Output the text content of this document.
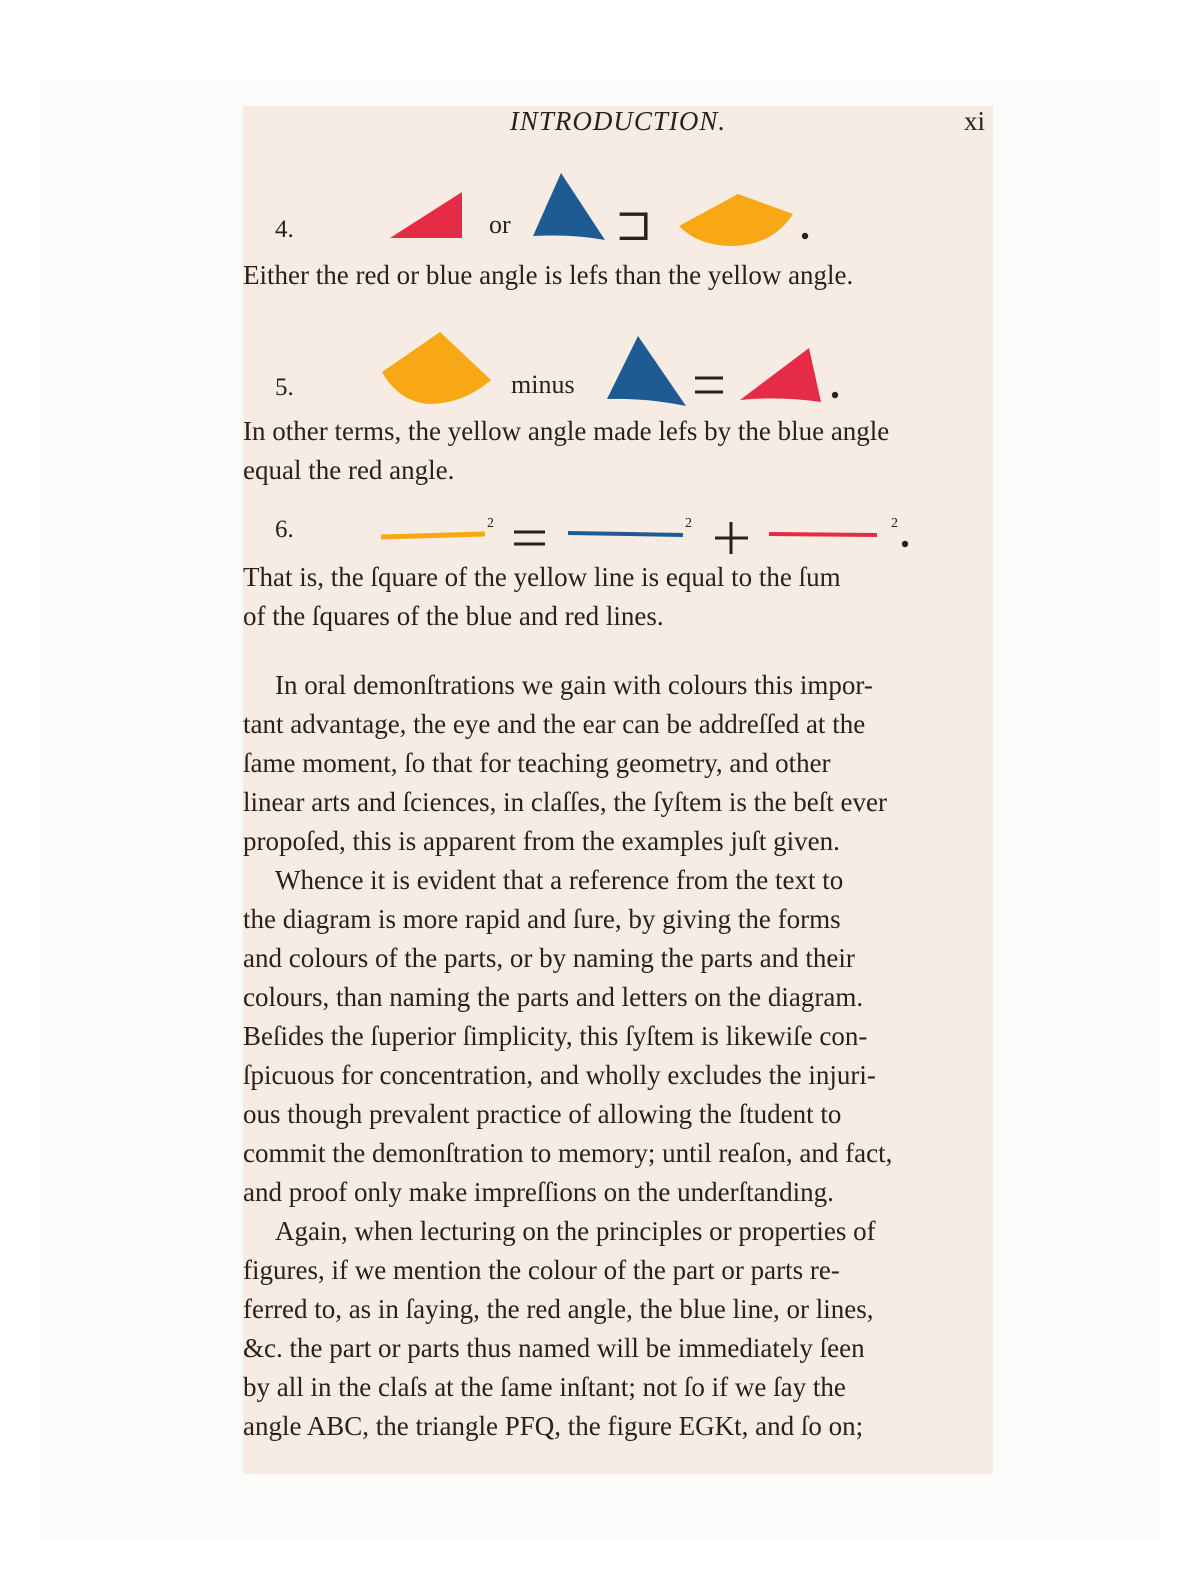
INTRODUCTION.	xi
4.	or ⊐

Either the red or blue angle is lefs than the yellow angle.

5.	minus

In other terms, the yellow angle made lefs by the blue angle

equal the red angle.

6.	2	2	2

That is, the ſquare of the yellow line is equal to the ſum

of the ſquares of the blue and red lines.

In oral demonſtrations we gain with colours this impor-

tant advantage, the eye and the ear can be addreſſed at the

ſame moment, ſo that for teaching geometry, and other

linear arts and ſciences, in claſſes, the ſyſtem is the beſt ever

propoſed, this is apparent from the examples juſt given.

Whence it is evident that a reference from the text to

the diagram is more rapid and ſure, by giving the forms

and colours of the parts, or by naming the parts and their

colours, than naming the parts and letters on the diagram.

Beſides the ſuperior ſimplicity, this ſyſtem is likewiſe con-

ſpicuous for concentration, and wholly excludes the injuri-

ous though prevalent practice of allowing the ſtudent to

commit the demonſtration to memory; until reaſon, and fact,

and proof only make impreſſions on the underſtanding.

Again, when lecturing on the principles or properties of

figures, if we mention the colour of the part or parts re-

ferred to, as in ſaying, the red angle, the blue line, or lines,

&c. the part or parts thus named will be immediately ſeen

by all in the claſs at the ſame inſtant; not ſo if we ſay the

angle ABC, the triangle PFQ, the figure EGKt, and ſo on;
